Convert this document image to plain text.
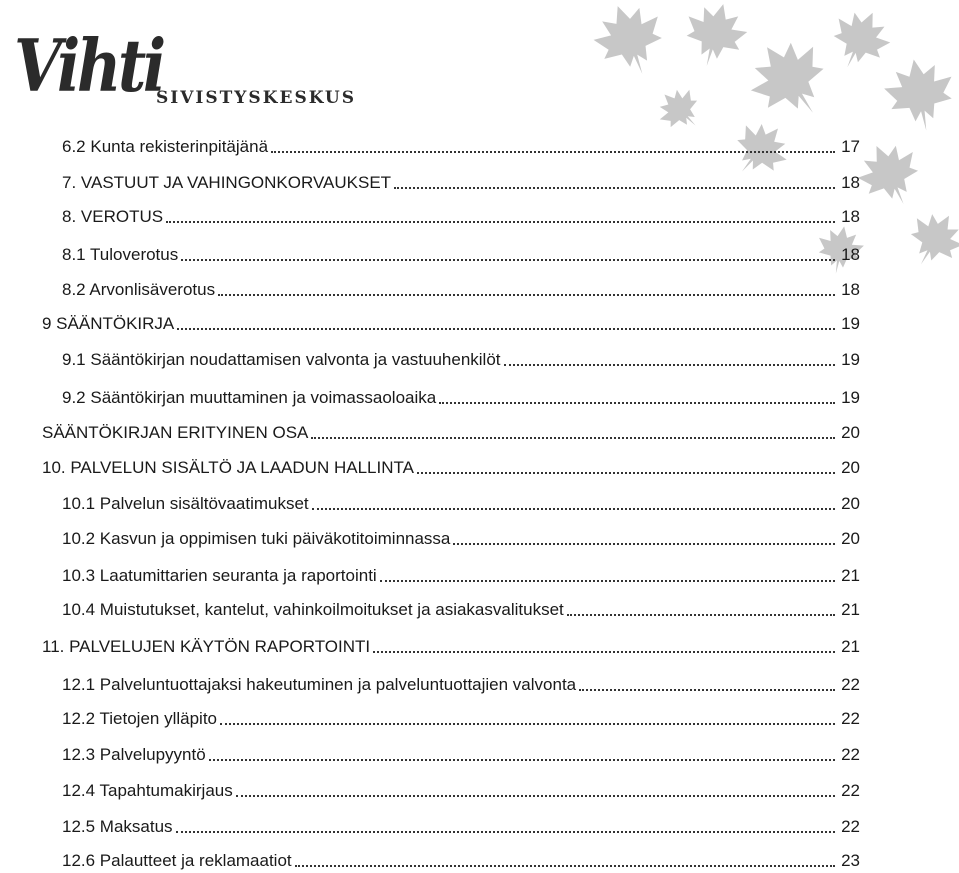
Vihti
SIVISTYSKESKUS
6.2 Kunta rekisterinpitäjänä	17
7. VASTUUT JA VAHINGONKORVAUKSET	18
8. VEROTUS	18
8.1 Tuloverotus	18
8.2 Arvonlisäverotus	18
9 SÄÄNTÖKIRJA	19
9.1 Sääntökirjan noudattamisen valvonta ja vastuuhenkilöt	19
9.2 Sääntökirjan muuttaminen ja voimassaoloaika	19
SÄÄNTÖKIRJAN ERITYINEN OSA	20
10. PALVELUN SISÄLTÖ JA LAADUN HALLINTA	20
10.1 Palvelun sisältövaatimukset	20
10.2 Kasvun ja oppimisen tuki päiväkotitoiminnassa	20
10.3 Laatumittarien seuranta ja raportointi	21
10.4 Muistutukset, kantelut, vahinkoilmoitukset ja asiakasvalitukset	21
11. PALVELUJEN KÄYTÖN RAPORTOINTI	21
12.1 Palveluntuottajaksi hakeutuminen ja palveluntuottajien valvonta	22
12.2 Tietojen ylläpito	22
12.3 Palvelupyyntö	22
12.4 Tapahtumakirjaus	22
12.5 Maksatus	22
12.6 Palautteet ja reklamaatiot	23
